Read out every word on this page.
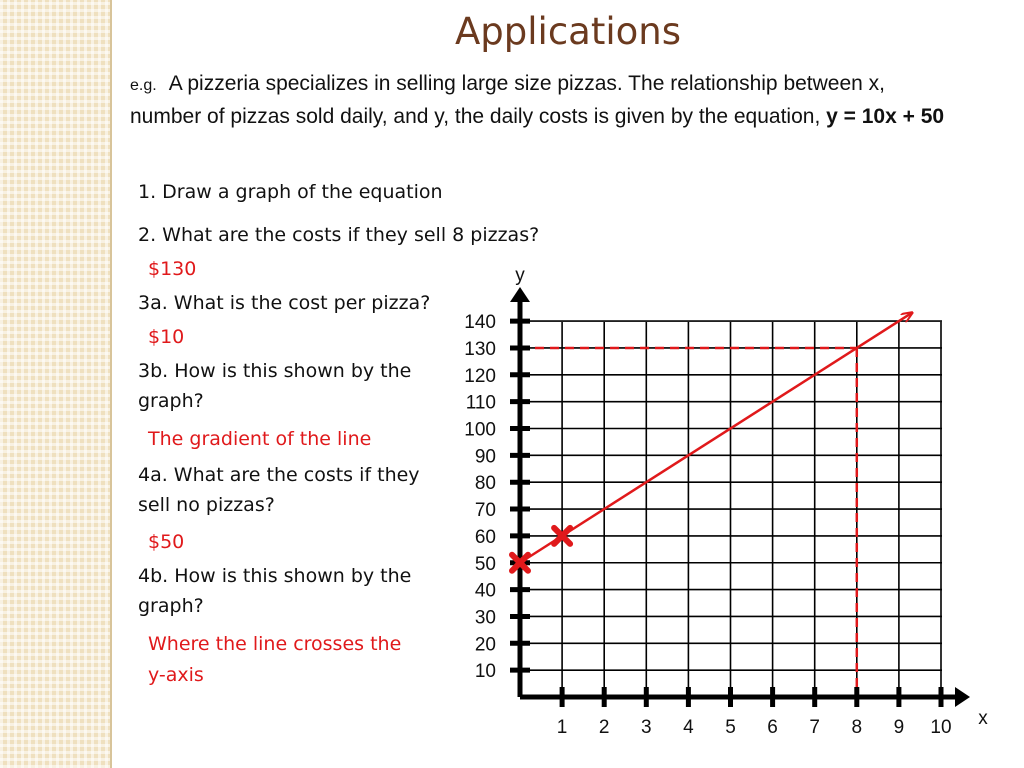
Applications
e.g. A pizzeria specializes in selling large size pizzas. The relationship between x, number of pizzas sold daily, and y, the daily costs is given by the equation, y = 10x + 50
1. Draw a graph of the equation
2. What are the costs if they sell 8 pizzas?
$130
3a. What is the cost per pizza?
$10
3b. How is this shown by the graph?
The gradient of the line
4a. What are the costs if they sell no pizzas?
$50
4b. How is this shown by the graph?
Where the line crosses the y-axis	10
20
30
40
50
60
70
80
90
100
110
120
130
140
1 2 3 4 5 6 7 8 9 10 x
y
